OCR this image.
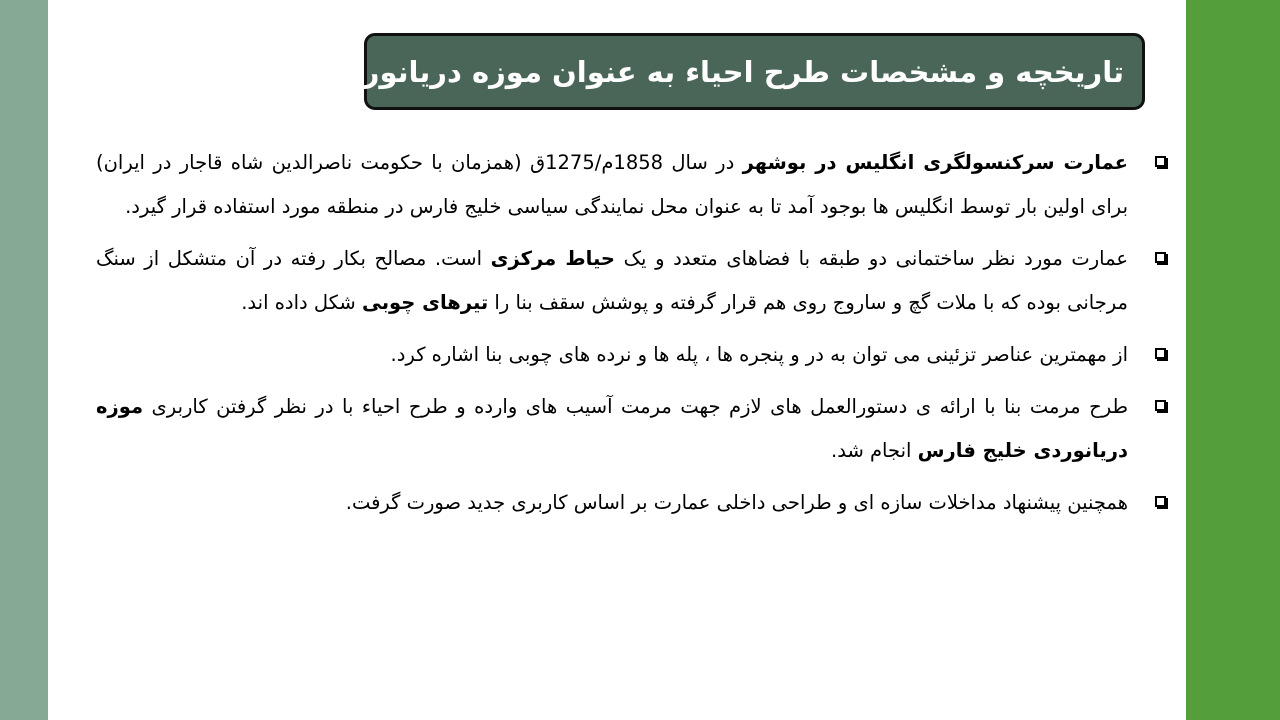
تاریخچه و مشخصات طرح احیاء به عنوان موزه دریانوردی
عمارت سرکنسولگری انگلیس در بوشهر در سال 1858م/1275ق (همزمان با حکومت ناصرالدین شاه قاجار در ایران) برای اولین بار توسط انگلیس ها بوجود آمد تا به عنوان محل نمایندگی سیاسی خلیج فارس در منطقه مورد استفاده قرار گیرد.
عمارت مورد نظر ساختمانی دو طبقه با فضاهای متعدد و یک حیاط مرکزی است. مصالح بکار رفته در آن متشکل از سنگ مرجانی بوده که با ملات گچ و ساروج روی هم قرار گرفته و پوشش سقف بنا را تیرهای چوبی شکل داده اند.
از مهمترین عناصر تزئینی می توان به در و پنجره ها ، پله ها و نرده های چوبی بنا اشاره کرد.
طرح مرمت بنا با ارائه ی دستورالعمل های لازم جهت مرمت آسیب های وارده و طرح احیاء با در نظر گرفتن کاربری موزه دریانوردی خلیج فارس انجام شد.
همچنین پیشنهاد مداخلات سازه ای و طراحی داخلی عمارت بر اساس کاربری جدید صورت گرفت.
